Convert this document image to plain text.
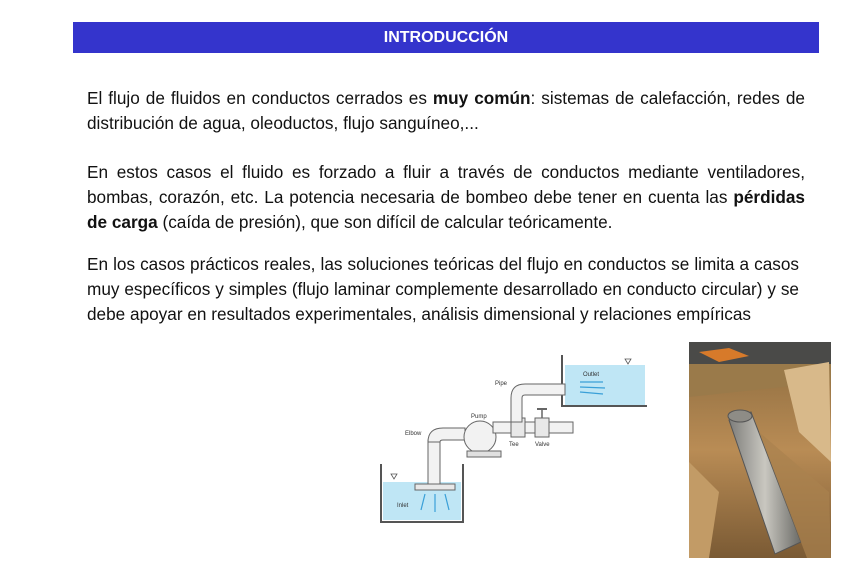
INTRODUCCIÓN

El flujo de fluidos en conductos cerrados es muy común: sistemas de calefacción, redes de distribución de agua, oleoductos, flujo sanguíneo,...

En estos casos el fluido es forzado a fluir a través de conductos mediante ventiladores, bombas, corazón, etc. La potencia necesaria de bombeo debe tener en cuenta las pérdidas de carga (caída de presión), que son difícil de calcular teóricamente.

En los casos prácticos reales, las soluciones teóricas del flujo en conductos se limita a casos muy específicos y simples (flujo laminar complemente desarrollado en conducto circular) y se debe apoyar en resultados experimentales, análisis dimensional y relaciones empíricas

Outlet
Pipe
Pump
Elbow
Tee	Valve
Inlet
